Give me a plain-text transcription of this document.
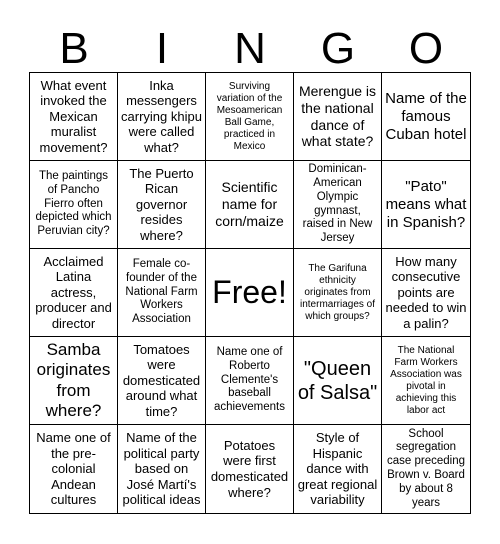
B	I	N	G	O
What event invoked the Mexican muralist movement?
Inka messengers carrying khipu were called what?
Surviving variation of the Mesoamerican Ball Game, practiced in Mexico
Merengue is the national dance of what state?
Name of the famous Cuban hotel
The paintings of Pancho Fierro often depicted which Peruvian city?
The Puerto Rican governor resides where?
Scientific name for corn/maize
Dominican-American Olympic gymnast, raised in New Jersey
"Pato" means what in Spanish?
Acclaimed Latina actress, producer and director
Female co-founder of the National Farm Workers Association
Free!
The Garifuna ethnicity originates from intermarriages of which groups?
How many consecutive points are needed to win a palin?
Samba originates from where?
Tomatoes were domesticated around what time?
Name one of Roberto Clemente's baseball achievements
"Queen of Salsa"
The National Farm Workers Association was pivotal in achieving this labor act
Name one of the pre-colonial Andean cultures
Name of the political party based on José Martí's political ideas
Potatoes were first domesticated where?
Style of Hispanic dance with great regional variability
School segregation case preceding Brown v. Board by about 8 years
